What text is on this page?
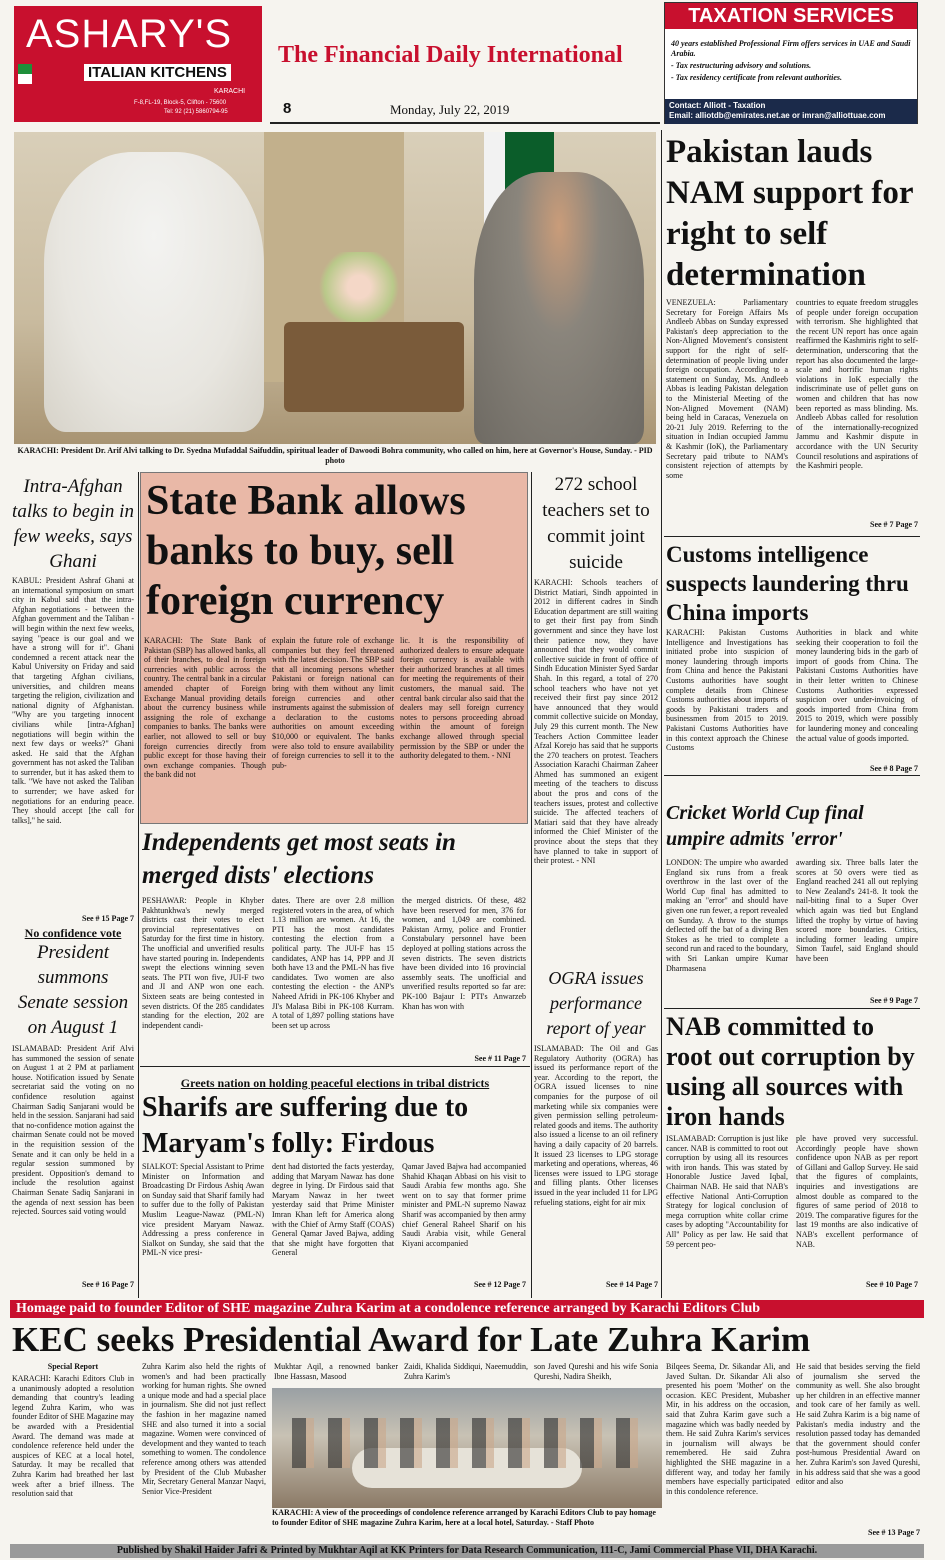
ASHARY'S
ITALIAN KITCHENS
KARACHI
F-8,FL-19, Block-5, Clifton - 75600
Tel: 92 (21) 5860794-95
The Financial Daily International
8	Monday, July 22, 2019
TAXATION SERVICES
40 years established Professional Firm offers services in UAE and Saudi Arabia.
- Tax restructuring advisory and solutions.
- Tax residency certificate from relevant authorities.
Contact: Alliott - Taxation
Email: alliotdb@emirates.net.ae or imran@alliottuae.com
KARACHI: President Dr. Arif Alvi talking to Dr. Syedna Mufaddal Saifuddin, spiritual leader of Dawoodi Bohra community, who called on him, here at Governor's House, Sunday. - PID photo
Pakistan lauds NAM support for right to self determination
VENEZUELA: Parliamentary Secretary for Foreign Affairs Ms Andleeb Abbas on Sunday expressed Pakistan's deep appreciation to the Non-Aligned Movement's consistent support for the right of self-determination of people living under foreign occupation. According to a statement on Sunday, Ms. Andleeb Abbas is leading Pakistan delegation to the Ministerial Meeting of the Non-Aligned Movement (NAM) being held in Caracas, Venezuela on 20-21 July 2019. Referring to the situation in Indian occupied Jammu & Kashmir (IoK), the Parliamentary Secretary paid tribute to NAM's consistent rejection of attempts by some
countries to equate freedom struggles of people under foreign occupation with terrorism. She highlighted that the recent UN report has once again reaffirmed the Kashmiris right to self-determination, underscoring that the report has also documented the large-scale and horrific human rights violations in IoK especially the indiscriminate use of pellet guns on women and children that has now been reported as mass blinding. Ms. Andleeb Abbas called for resolution of the internationally-recognized Jammu and Kashmir dispute in accordance with the UN Security Council resolutions and aspirations of the Kashmiri people.
See # 7 Page 7
Intra-Afghan talks to begin in few weeks, says Ghani
KABUL: President Ashraf Ghani at an international symposium on smart city in Kabul said that the intra-Afghan negotiations - between the Afghan government and the Taliban - will begin within the next few weeks, saying "peace is our goal and we have a strong will for it". Ghani condemned a recent attack near the Kabul University on Friday and said that targeting Afghan civilians, universities, and children means targeting the religion, civilization and national dignity of Afghanistan. "Why are you targeting innocent civilians while [intra-Afghan] negotiations will begin within the next few days or weeks?" Ghani asked. He said that the Afghan government has not asked the Taliban to surrender, but it has asked them to talk. "We have not asked the Taliban to surrender; we have asked for negotiations for an enduring peace. They should accept [the call for talks]," he said.
See # 15 Page 7
No confidence vote
President summons Senate session on August 1
ISLAMABAD: President Arif Alvi has summoned the session of senate on August 1 at 2 PM at parliament house. Notification issued by Senate secretariat said the voting on no confidence resolution against Chairman Sadiq Sanjarani would be held in the session. Sanjarani had said that no-confidence motion against the chairman Senate could not be moved in the requisition session of the Senate and it can only be held in a regular session summoned by president. Opposition's demand to include the resolution against Chairman Senate Sadiq Sanjarani in the agenda of next session has been rejected. Sources said voting would
See # 16 Page 7
State Bank allows banks to buy, sell foreign currency
KARACHI: The State Bank of Pakistan (SBP) has allowed banks, all of their branches, to deal in foreign currencies with public across the country. The central bank in a circular amended chapter of Foreign Exchange Manual providing details about the currency business while assigning the role of exchange companies to banks. The banks were earlier, not allowed to sell or buy foreign currencies directly from public except for those having their own exchange companies. Though the bank did not
explain the future role of exchange companies but they feel threatened with the latest decision. The SBP said that all incoming persons whether Pakistani or foreign national can bring with them without any limit foreign currencies and other instruments against the submission of a declaration to the customs authorities on amount exceeding $10,000 or equivalent. The banks were also told to ensure availability of foreign currencies to sell it to the pub-
lic. It is the responsibility of authorized dealers to ensure adequate foreign currency is available with their authorized branches at all times for meeting the requirements of their customers, the manual said. The central bank circular also said that the dealers may sell foreign currency notes to persons proceeding abroad within the amount of foreign exchange allowed through special permission by the SBP or under the authority delegated to them. - NNI
272 school teachers set to commit joint suicide
KARACHI: Schools teachers of District Matiari, Sindh appointed in 2012 in different cadres in Sindh Education department are still waiting to get their first pay from Sindh government and since they have lost their patience now, they have announced that they would commit collective suicide in front of office of Sindh Education Minister Syed Sardar Shah. In this regard, a total of 270 school teachers who have not yet received their first pay since 2012 have announced that they would commit collective suicide on Monday, July 29 this current month. The New Teachers Action Committee leader Afzal Korejo has said that he supports the 270 teachers on protest. Teachers Association Karachi Chairman Zaheer Ahmed has summoned an exigent meeting of the teachers to discuss about the pros and cons of the teachers issues, protest and collective suicide. The affected teachers of Matiari said that they have already informed the Chief Minister of the province about the steps that they have planned to take in support of their protest. - NNI
Customs intelligence suspects laundering thru China imports
KARACHI: Pakistan Customs Intelligence and Investigations has initiated probe into suspicion of money laundering through imports from China and hence the Pakistani Customs authorities have sought complete details from Chinese Customs authorities about imports of goods by Pakistani traders and businessmen from 2015 to 2019. Pakistani Customs Authorities have in this context approach the Chinese Customs
Authorities in black and white seeking their cooperation to foil the money laundering bids in the garb of import of goods from China. The Pakistani Customs Authorities have in their letter written to Chinese Customs Authorities expressed suspicion over under-invoicing of goods imported from China from 2015 to 2019, which were possibly for laundering money and concealing the actual value of goods imported.
See # 8 Page 7
Independents get most seats in merged dists' elections
PESHAWAR: People in Khyber Pakhtunkhwa's newly merged districts cast their votes to elect provincial representatives on Saturday for the first time in history. The unofficial and unverified results have started pouring in. Independents swept the elections winning seven seats. The PTI won five, JUI-F two and JI and ANP won one each. Sixteen seats are being contested in seven districts. Of the 285 candidates standing for the election, 202 are independent candi-
dates. There are over 2.8 million registered voters in the area, of which 1.13 million are women. At 16, the PTI has the most candidates contesting the election from a political party. The JUI-F has 15 candidates, ANP has 14, PPP and JI both have 13 and the PML-N has five candidates. Two women are also contesting the election - the ANP's Naheed Afridi in PK-106 Khyber and JI's Malasa Bibi in PK-108 Kurram. A total of 1,897 polling stations have been set up across
the merged districts. Of these, 482 have been reserved for men, 376 for women, and 1,049 are combined. Pakistan Army, police and Frontier Constabulary personnel have been deployed at polling stations across the seven districts. The seven districts have been divided into 16 provincial assembly seats. The unofficial and unverified results reported so far are: PK-100 Bajaur I: PTI's Anwarzeb Khan has won with
See # 11 Page 7
OGRA issues performance report of year
ISLAMABAD: The Oil and Gas Regulatory Authority (OGRA) has issued its performance report of the year. According to the report, the OGRA issued licenses to nine companies for the purpose of oil marketing while six companies were given permission selling petroleum-related goods and items. The authority also issued a license to an oil refinery having a daily capacity of 20 barrels. It issued 23 licenses to LPG storage marketing and operations, whereas, 46 licenses were issued to LPG storage and filling plants. Other licenses issued in the year included 11 for LPG refueling stations, eight for air mix
See # 14 Page 7
Cricket World Cup final umpire admits 'error'
LONDON: The umpire who awarded England six runs from a freak overthrow in the last over of the World Cup final has admitted to making an "error" and should have given one run fewer, a report revealed on Sunday. A throw to the stumps deflected off the bat of a diving Ben Stokes as he tried to complete a second run and raced to the boundary, with Sri Lankan umpire Kumar Dharmasena
awarding six. Three balls later the scores at 50 overs were tied as England reached 241 all out replying to New Zealand's 241-8. It took the nail-biting final to a Super Over which again was tied but England lifted the trophy by virtue of having scored more boundaries. Critics, including former leading umpire Simon Taufel, said England should have been
See # 9 Page 7
Greets nation on holding peaceful elections in tribal districts
Sharifs are suffering due to Maryam's folly: Firdous
SIALKOT: Special Assistant to Prime Minister on Information and Broadcasting Dr Firdous Ashiq Awan on Sunday said that Sharif family had to suffer due to the folly of Pakistan Muslim League-Nawaz (PML-N) vice president Maryam Nawaz. Addressing a press conference in Sialkot on Sunday, she said that the PML-N vice presi-
dent had distorted the facts yesterday, adding that Maryam Nawaz has done degree in lying. Dr Firdous said that Maryam Nawaz in her tweet yesterday said that Prime Minister Imran Khan left for America along with the Chief of Army Staff (COAS) General Qamar Javed Bajwa, adding that she might have forgotten that General
Qamar Javed Bajwa had accompanied Shahid Khaqan Abbasi on his visit to Saudi Arabia few months ago. She went on to say that former prime minister and PML-N supremo Nawaz Sharif was accompanied by then army chief General Raheel Sharif on his Saudi Arabia visit, while General Kiyani accompanied
See # 12 Page 7
NAB committed to root out corruption by using all sources with iron hands
ISLAMABAD: Corruption is just like cancer. NAB is committed to root out corruption by using all its resources with iron hands. This was stated by Honorable Justice Javed Iqbal, Chairman NAB. He said that NAB's effective National Anti-Corruption Strategy for logical conclusion of mega corruption white collar crime cases by adopting "Accountability for All" Policy as per law. He said that 59 percent peo-
ple have proved very successful. Accordingly people have shown confidence upon NAB as per report of Gillani and Gallop Survey. He said that the figures of complaints, inquiries and investigations are almost double as compared to the figures of same period of 2018 to 2019. The comparative figures for the last 19 months are also indicative of NAB's excellent performance of NAB.
See # 10 Page 7
Homage paid to founder Editor of SHE magazine Zuhra Karim at a condolence reference arranged by Karachi Editors Club
KEC seeks Presidential Award for Late Zuhra Karim
Special Report
KARACHI: Karachi Editors Club in a unanimously adopted a resolution demanding that country's leading legend Zuhra Karim, who was founder Editor of SHE Magazine may be awarded with a Presidential Award. The demand was made at condolence reference held under the auspices of KEC at a local hotel, Saturday. It may be recalled that Zuhra Karim had breathed her last week after a brief illness. The resolution said that
Zuhra Karim also held the rights of women's and had been practically working for human rights. She owned a unique mode and had a special place in journalism. She did not just reflect the fashion in her magazine named SHE and also turned it into a social magazine. Women were convinced of development and they wanted to teach something to women. The condolence reference among others was attended by President of the Club Mubasher Mir, Secretary General Manzar Naqvi, Senior Vice-President
Mukhtar Aqil, a renowned banker Ibne Hassasn, Masood
Zaidi, Khalida Siddiqui, Naeemuddin, Zuhra Karim's
son Javed Qureshi and his wife Sonia Qureshi, Nadira Sheikh,
KARACHI: A view of the proceedings of condolence reference arranged by Karachi Editors Club to pay homage to founder Editor of SHE magazine Zuhra Karim, here at a local hotel, Saturday. - Staff Photo
Bilqees Seema, Dr. Sikandar Ali, and Javed Sultan. Dr. Sikandar Ali also presented his poem 'Mother' on the occasion. KEC President, Mubasher Mir, in his address on the occasion, said that Zuhra Karim gave such a magazine which was badly needed by them. He said Zuhra Karim's services in journalism will always be remembered. He said Zuhra highlighted the SHE magazine in a different way, and today her family members have especially participated in this condolence reference.
He said that besides serving the field of journalism she served the community as well. She also brought up her children in an effective manner and took care of her family as well. He said Zuhra Karim is a big name of Pakistan's media industry and the resolution passed today has demanded that the government should confer post-humous Presidential Award on her. Zuhra Karim's son Javed Qureshi, in his address said that she was a good editor and also
See # 13 Page 7
Published by Shakil Haider Jafri & Printed by Mukhtar Aqil at KK Printers for Data Research Communication, 111-C, Jami Commercial Phase VII, DHA Karachi.
